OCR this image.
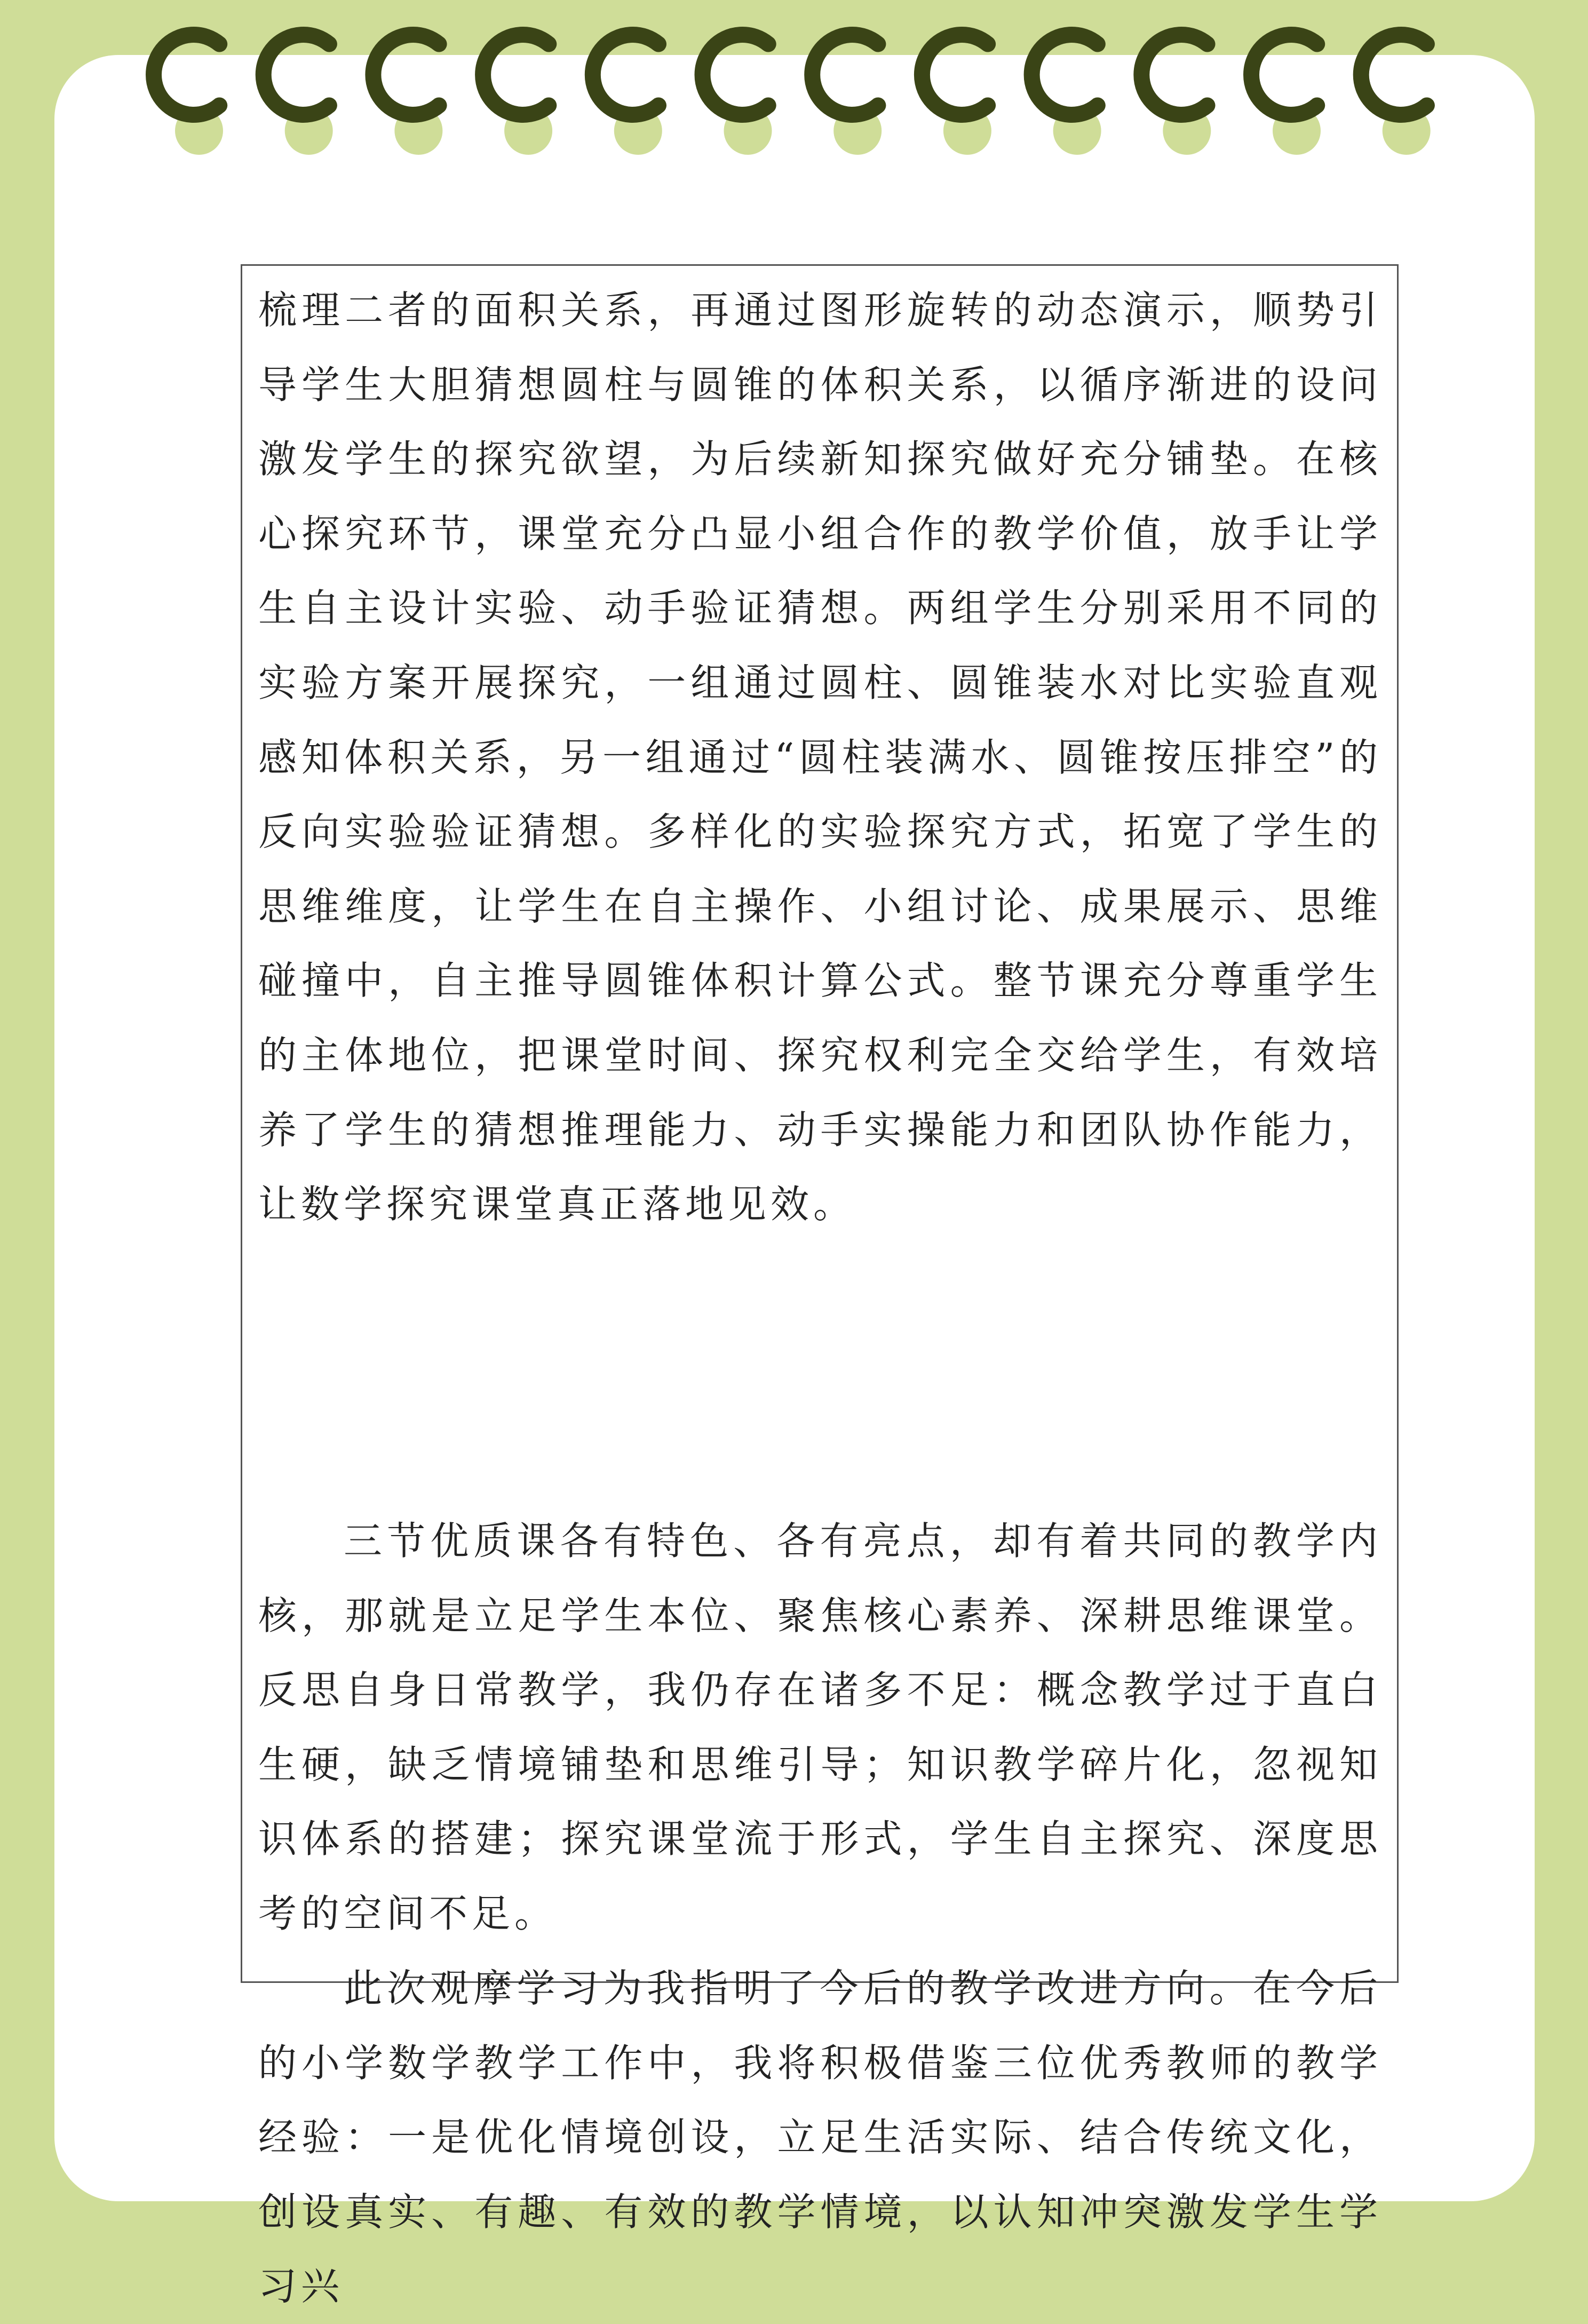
梳理二者的面积关系，再通过图形旋转的动态演示，顺势引导学生大胆猜想圆柱与圆锥的体积关系，以循序渐进的设问激发学生的探究欲望，为后续新知探究做好充分铺垫。在核心探究环节，课堂充分凸显小组合作的教学价值，放手让学生自主设计实验、动手验证猜想。两组学生分别采用不同的实验方案开展探究，一组通过圆柱、圆锥装水对比实验直观感知体积关系，另一组通过“圆柱装满水、圆锥按压排空”的反向实验验证猜想。多样化的实验探究方式，拓宽了学生的思维维度，让学生在自主操作、小组讨论、成果展示、思维碰撞中，自主推导圆锥体积计算公式。整节课充分尊重学生的主体地位，把课堂时间、探究权利完全交给学生，有效培养了学生的猜想推理能力、动手实操能力和团队协作能力，让数学探究课堂真正落地见效。

三节优质课各有特色、各有亮点，却有着共同的教学内核，那就是立足学生本位、聚焦核心素养、深耕思维课堂。反思自身日常教学，我仍存在诸多不足：概念教学过于直白生硬，缺乏情境铺垫和思维引导；知识教学碎片化，忽视知识体系的搭建；探究课堂流于形式，学生自主探究、深度思考的空间不足。

此次观摩学习为我指明了今后的教学改进方向。在今后的小学数学教学工作中，我将积极借鉴三位优秀教师的教学经验：一是优化情境创设，立足生活实际、结合传统文化，创设真实、有趣、有效的教学情境，以认知冲突激发学生学习兴
